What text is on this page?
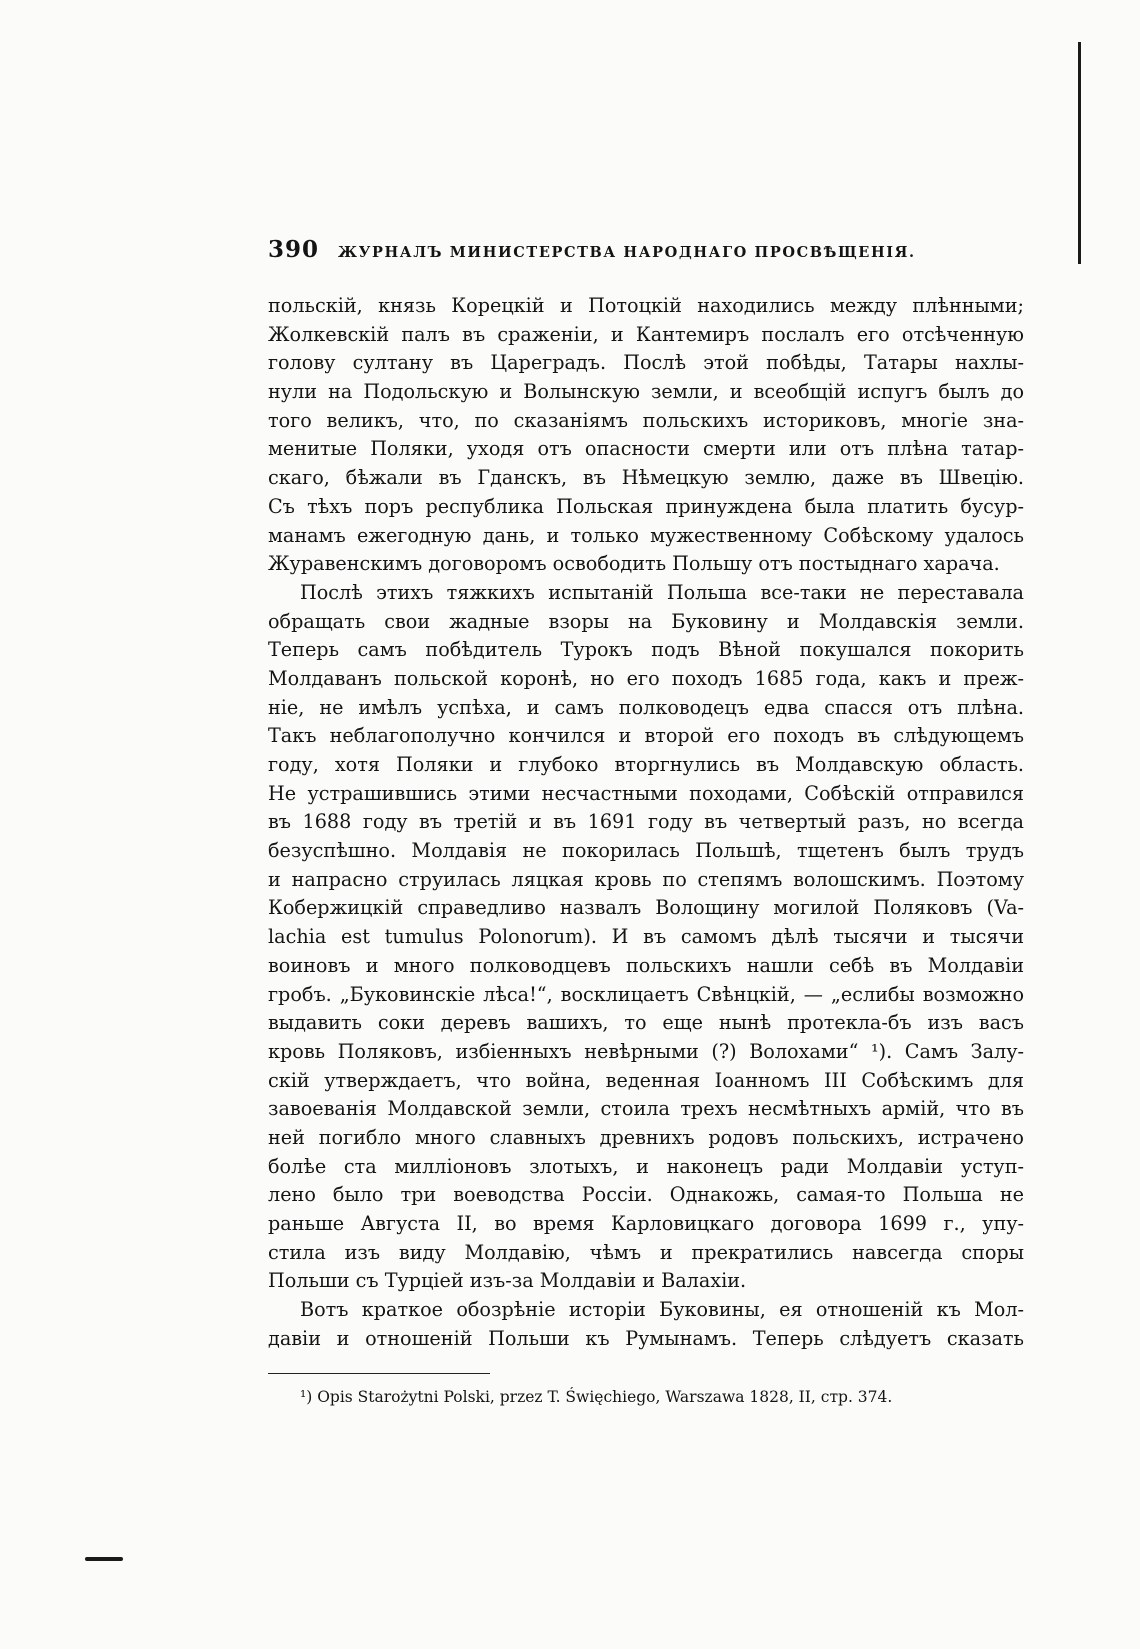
390	ЖУРНАЛЪ МИНИСТЕРСТВА НАРОДНАГО ПРОСВѢЩЕНІЯ.
польскій, князь Корецкій и Потоцкій находились между плѣнными;
Жолкевскій палъ въ сраженіи, и Кантемиръ послалъ его отсѣченную
голову султану въ Царeградъ. Послѣ этой побѣды, Татары нахлы-
нули на Подольскую и Волынскую земли, и всеобщій испугъ былъ до
того великъ, что, по сказаніямъ польскихъ историковъ, многіе зна-
менитые Поляки, уходя отъ опасности смерти или отъ плѣна татар-
скаго, бѣжали въ Гданскъ, въ Нѣмецкую землю, даже въ Швецію.
Съ тѣхъ поръ республика Польская принуждена была платить бусур-
манамъ ежегодную дань, и только мужественному Собѣскому удалось
Журавенскимъ договоромъ освободить Польшу отъ постыднаго харача.
Послѣ этихъ тяжкихъ испытаній Польша все-таки не переставала
обращать свои жадные взоры на Буковину и Молдавскія земли.
Теперь самъ побѣдитель Турокъ подъ Вѣной покушался покорить
Молдаванъ польской коронѣ, но его походъ 1685 года, какъ и преж-
ніе, не имѣлъ успѣха, и самъ полководецъ едва спасся отъ плѣна.
Такъ неблагополучно кончился и второй его походъ въ слѣдующемъ
году, хотя Поляки и глубоко вторгнулись въ Молдавскую область.
Не устрашившись этими несчастными походами, Собѣскій отправился
въ 1688 году въ третій и въ 1691 году въ четвертый разъ, но всегда
безуспѣшно. Молдавія не покорилась Польшѣ, тщетенъ былъ трудъ
и напрасно струилась ляцкая кровь по степямъ волошскимъ. Поэтому
Кобержицкій справедливо назвалъ Волощину могилой Поляковъ (Va-
lachia est tumulus Polonorum). И въ самомъ дѣлѣ тысячи и тысячи
воиновъ и много полководцевъ польскихъ нашли себѣ въ Молдавіи
гробъ. „Буковинскіе лѣса!“, восклицаетъ Свѣнцкій, — „еслибы возможно
выдавить соки деревъ вашихъ, то еще нынѣ протекла-бъ изъ васъ
кровь Поляковъ, избіенныхъ невѣрными (?) Волохами“ ¹). Самъ Залу-
скій утверждаетъ, что война, веденная Іоанномъ III Собѣскимъ для
завоеванія Молдавской земли, стоила трехъ несмѣтныхъ армій, что въ
ней погибло много славныхъ древнихъ родовъ польскихъ, истрачено
болѣе ста милліоновъ злотыхъ, и наконецъ ради Молдавіи уступ-
лено было три воеводства Россіи. Однакожь, самая-то Польша не
раньше Августа II, во время Карловицкаго договора 1699 г., упу-
стила изъ виду Молдавію, чѣмъ и прекратились навсегда споры
Польши съ Турціей изъ-за Молдавіи и Валахіи.
Вотъ краткое обозрѣніе исторіи Буковины, ея отношеній къ Мол-
давіи и отношеній Польши къ Румынамъ. Теперь слѣдуетъ сказать
¹) Opis Starożytni Polski, przez T. Święchiego, Warszawa 1828, II, стр. 374.
